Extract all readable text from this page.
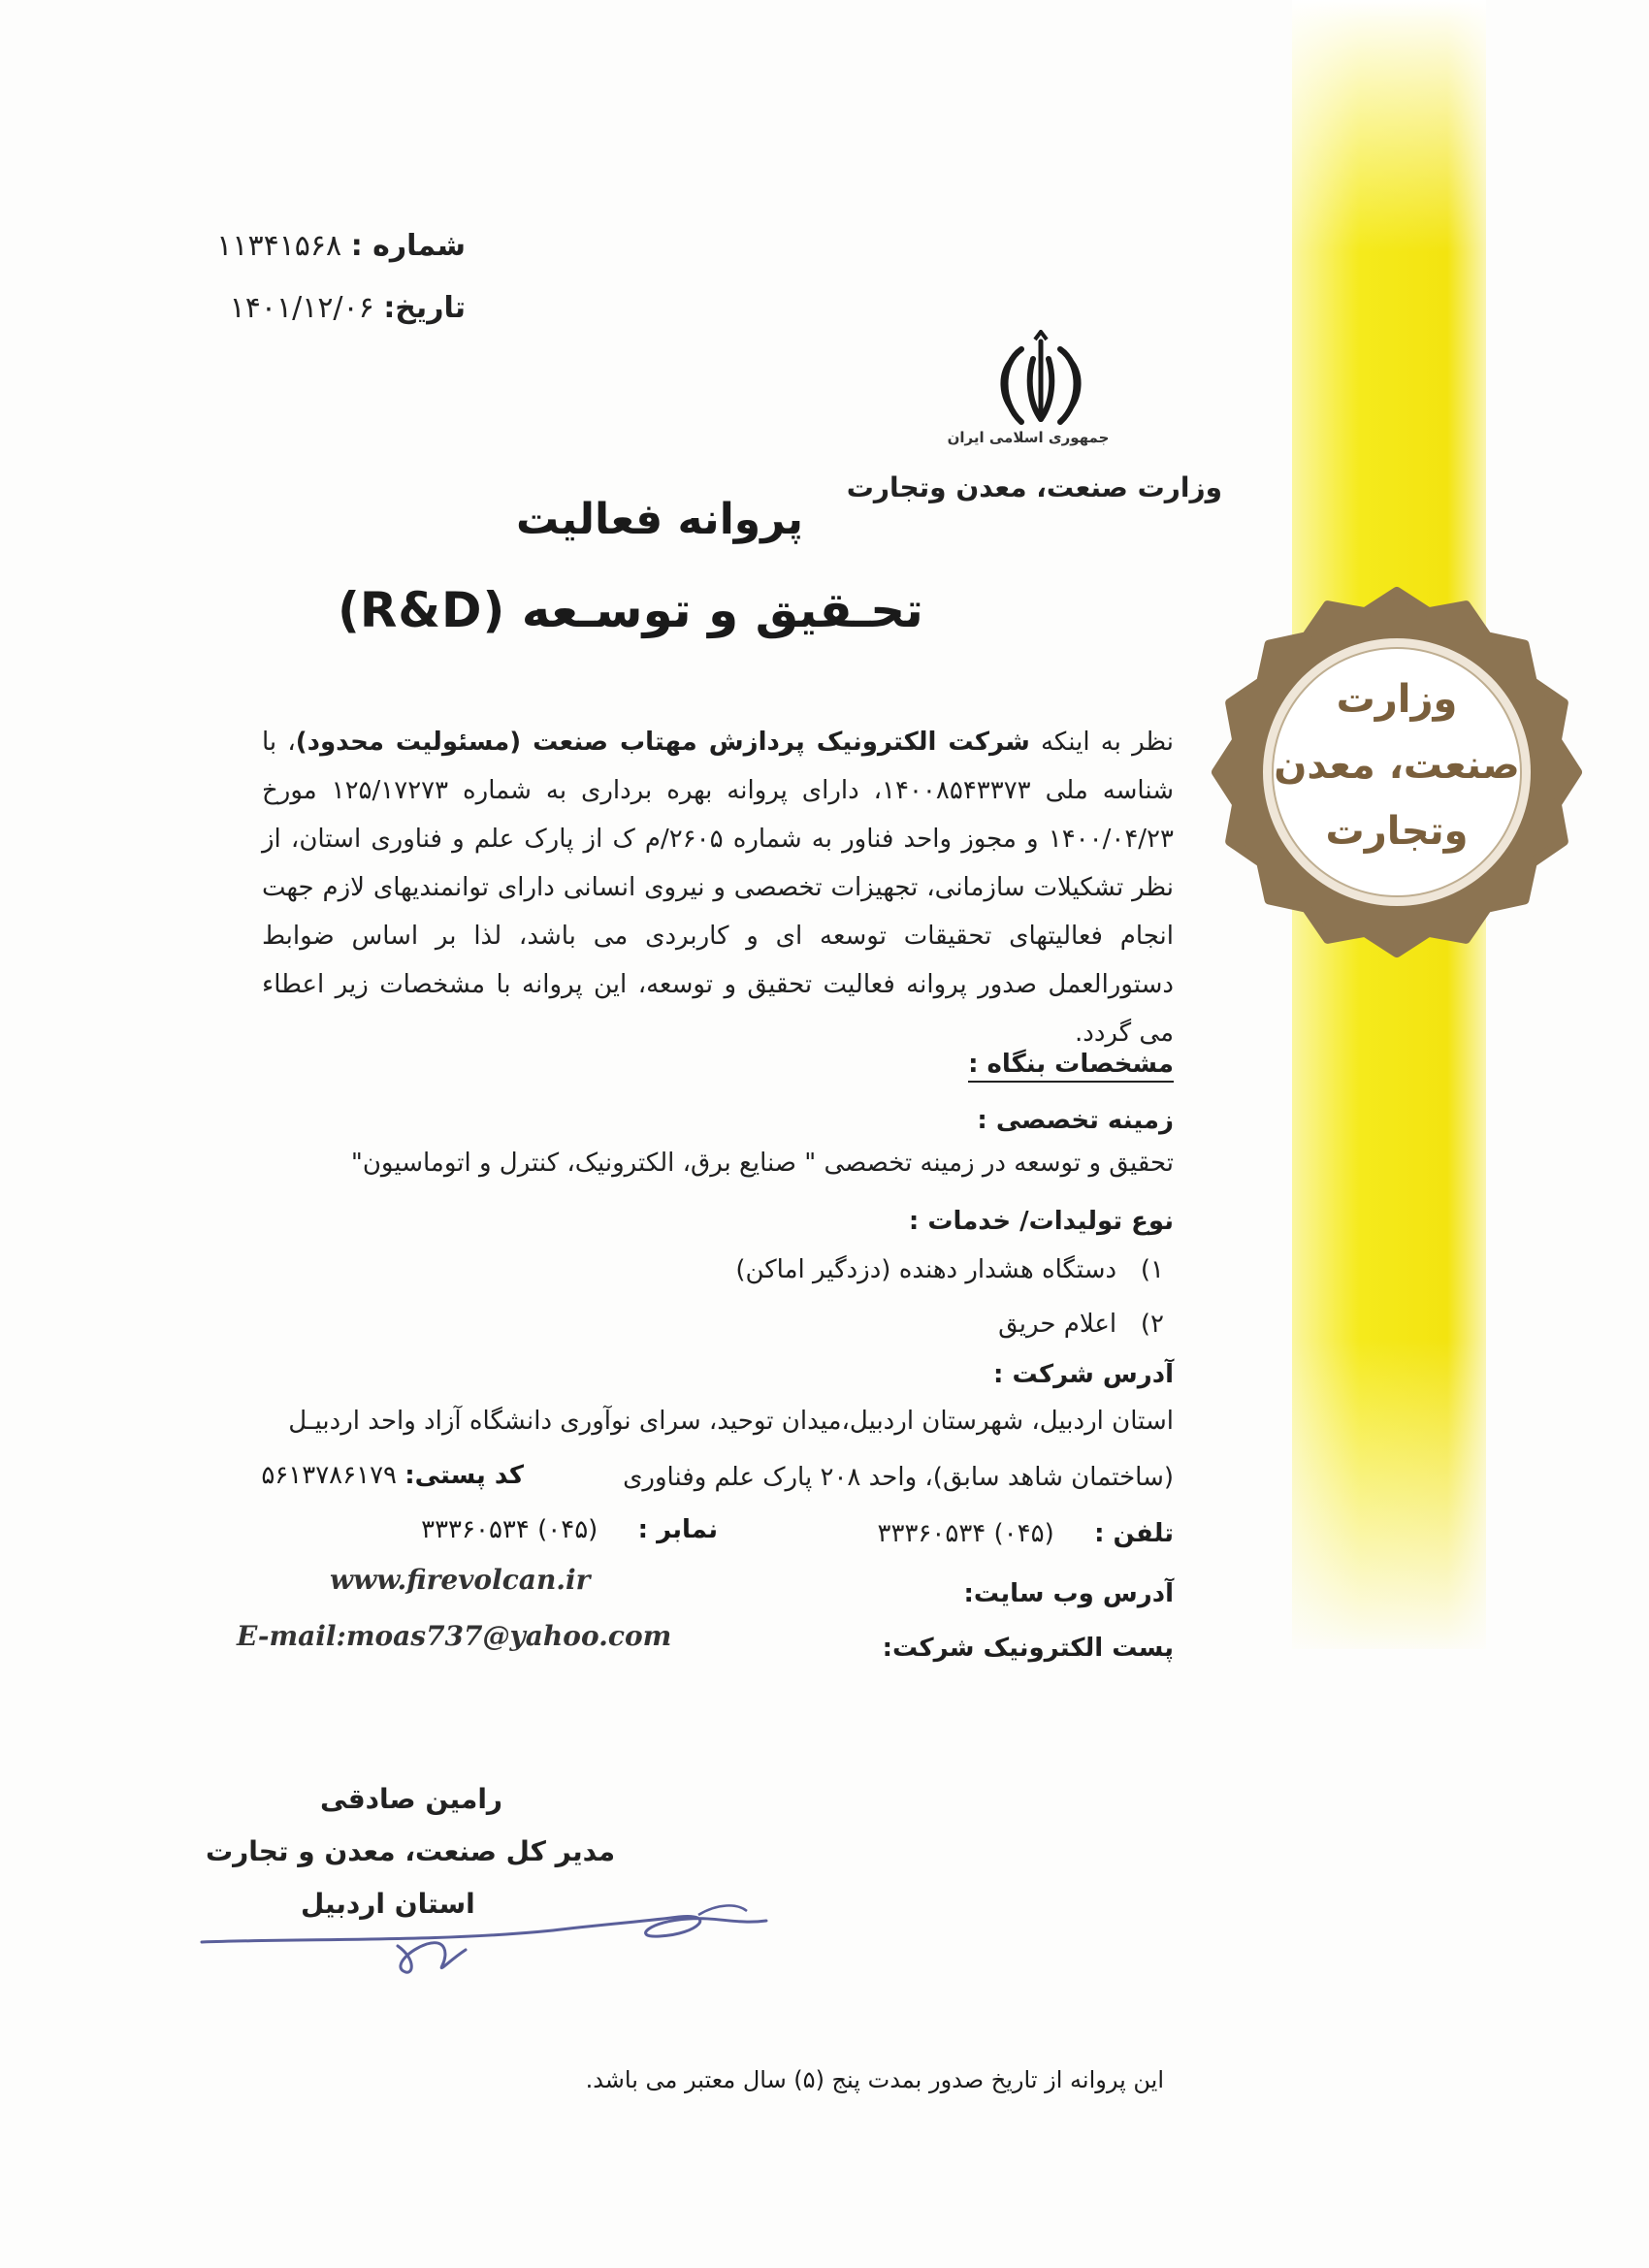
شماره : ۱۱۳۴۱۵۶۸
تاریخ: ۱۴۰۱/۱۲/۰۶
جمهوری اسلامی ایران
وزارت صنعت، معدن وتجارت
پروانه فعالیت
تحـقیق و توسـعه (R&D)
وزارت
صنعت، معدن
وتجارت
نظر به اینکه شرکت الکترونیک پردازش مهتاب صنعت (مسئولیت محدود)، با شناسه ملی ۱۴۰۰۸۵۴۳۳۷۳، دارای پروانه بهره برداری به شماره ۱۲۵/۱۷۲۷۳ مورخ ۱۴۰۰/۰۴/۲۳ و مجوز واحد فناور به شماره ۲۶۰۵/م ک از پارک علم و فناوری استان، از نظر تشکیلات سازمانی، تجهیزات تخصصی و نیروی انسانی دارای توانمندیهای لازم جهت انجام فعالیتهای تحقیقات توسعه ای و کاربردی می باشد، لذا بر اساس ضوابط دستورالعمل صدور پروانه فعالیت تحقیق و توسعه، این پروانه با مشخصات زیر اعطاء می گردد.
مشخصات بنگاه :
زمینه تخصصی :
تحقیق و توسعه در زمینه تخصصی " صنایع برق، الکترونیک، کنترل و اتوماسیون"
نوع تولیدات/ خدمات :
۱)   دستگاه هشدار دهنده (دزدگیر اماکن)
۲)   اعلام حریق
آدرس شرکت :
استان اردبیل، شهرستان اردبیل،میدان توحید، سرای نوآوری دانشگاه آزاد واحد اردبیـل
(ساختمان شاهد سابق)، واحد ۲۰۸ پارک علم وفناوری
کد پستی: ۵۶۱۳۷۸۶۱۷۹
تلفن :     (۰۴۵) ۳۳۳۶۰۵۳۴
نمابر :     (۰۴۵) ۳۳۳۶۰۵۳۴
آدرس وب سایت:
www.firevolcan.ir
پست الکترونیک شرکت:
E-mail:moas737@yahoo.com
رامین صادقی
مدیر کل صنعت، معدن و تجارت
استان اردبیل
این پروانه از تاریخ صدور بمدت پنج (۵) سال معتبر می باشد.
